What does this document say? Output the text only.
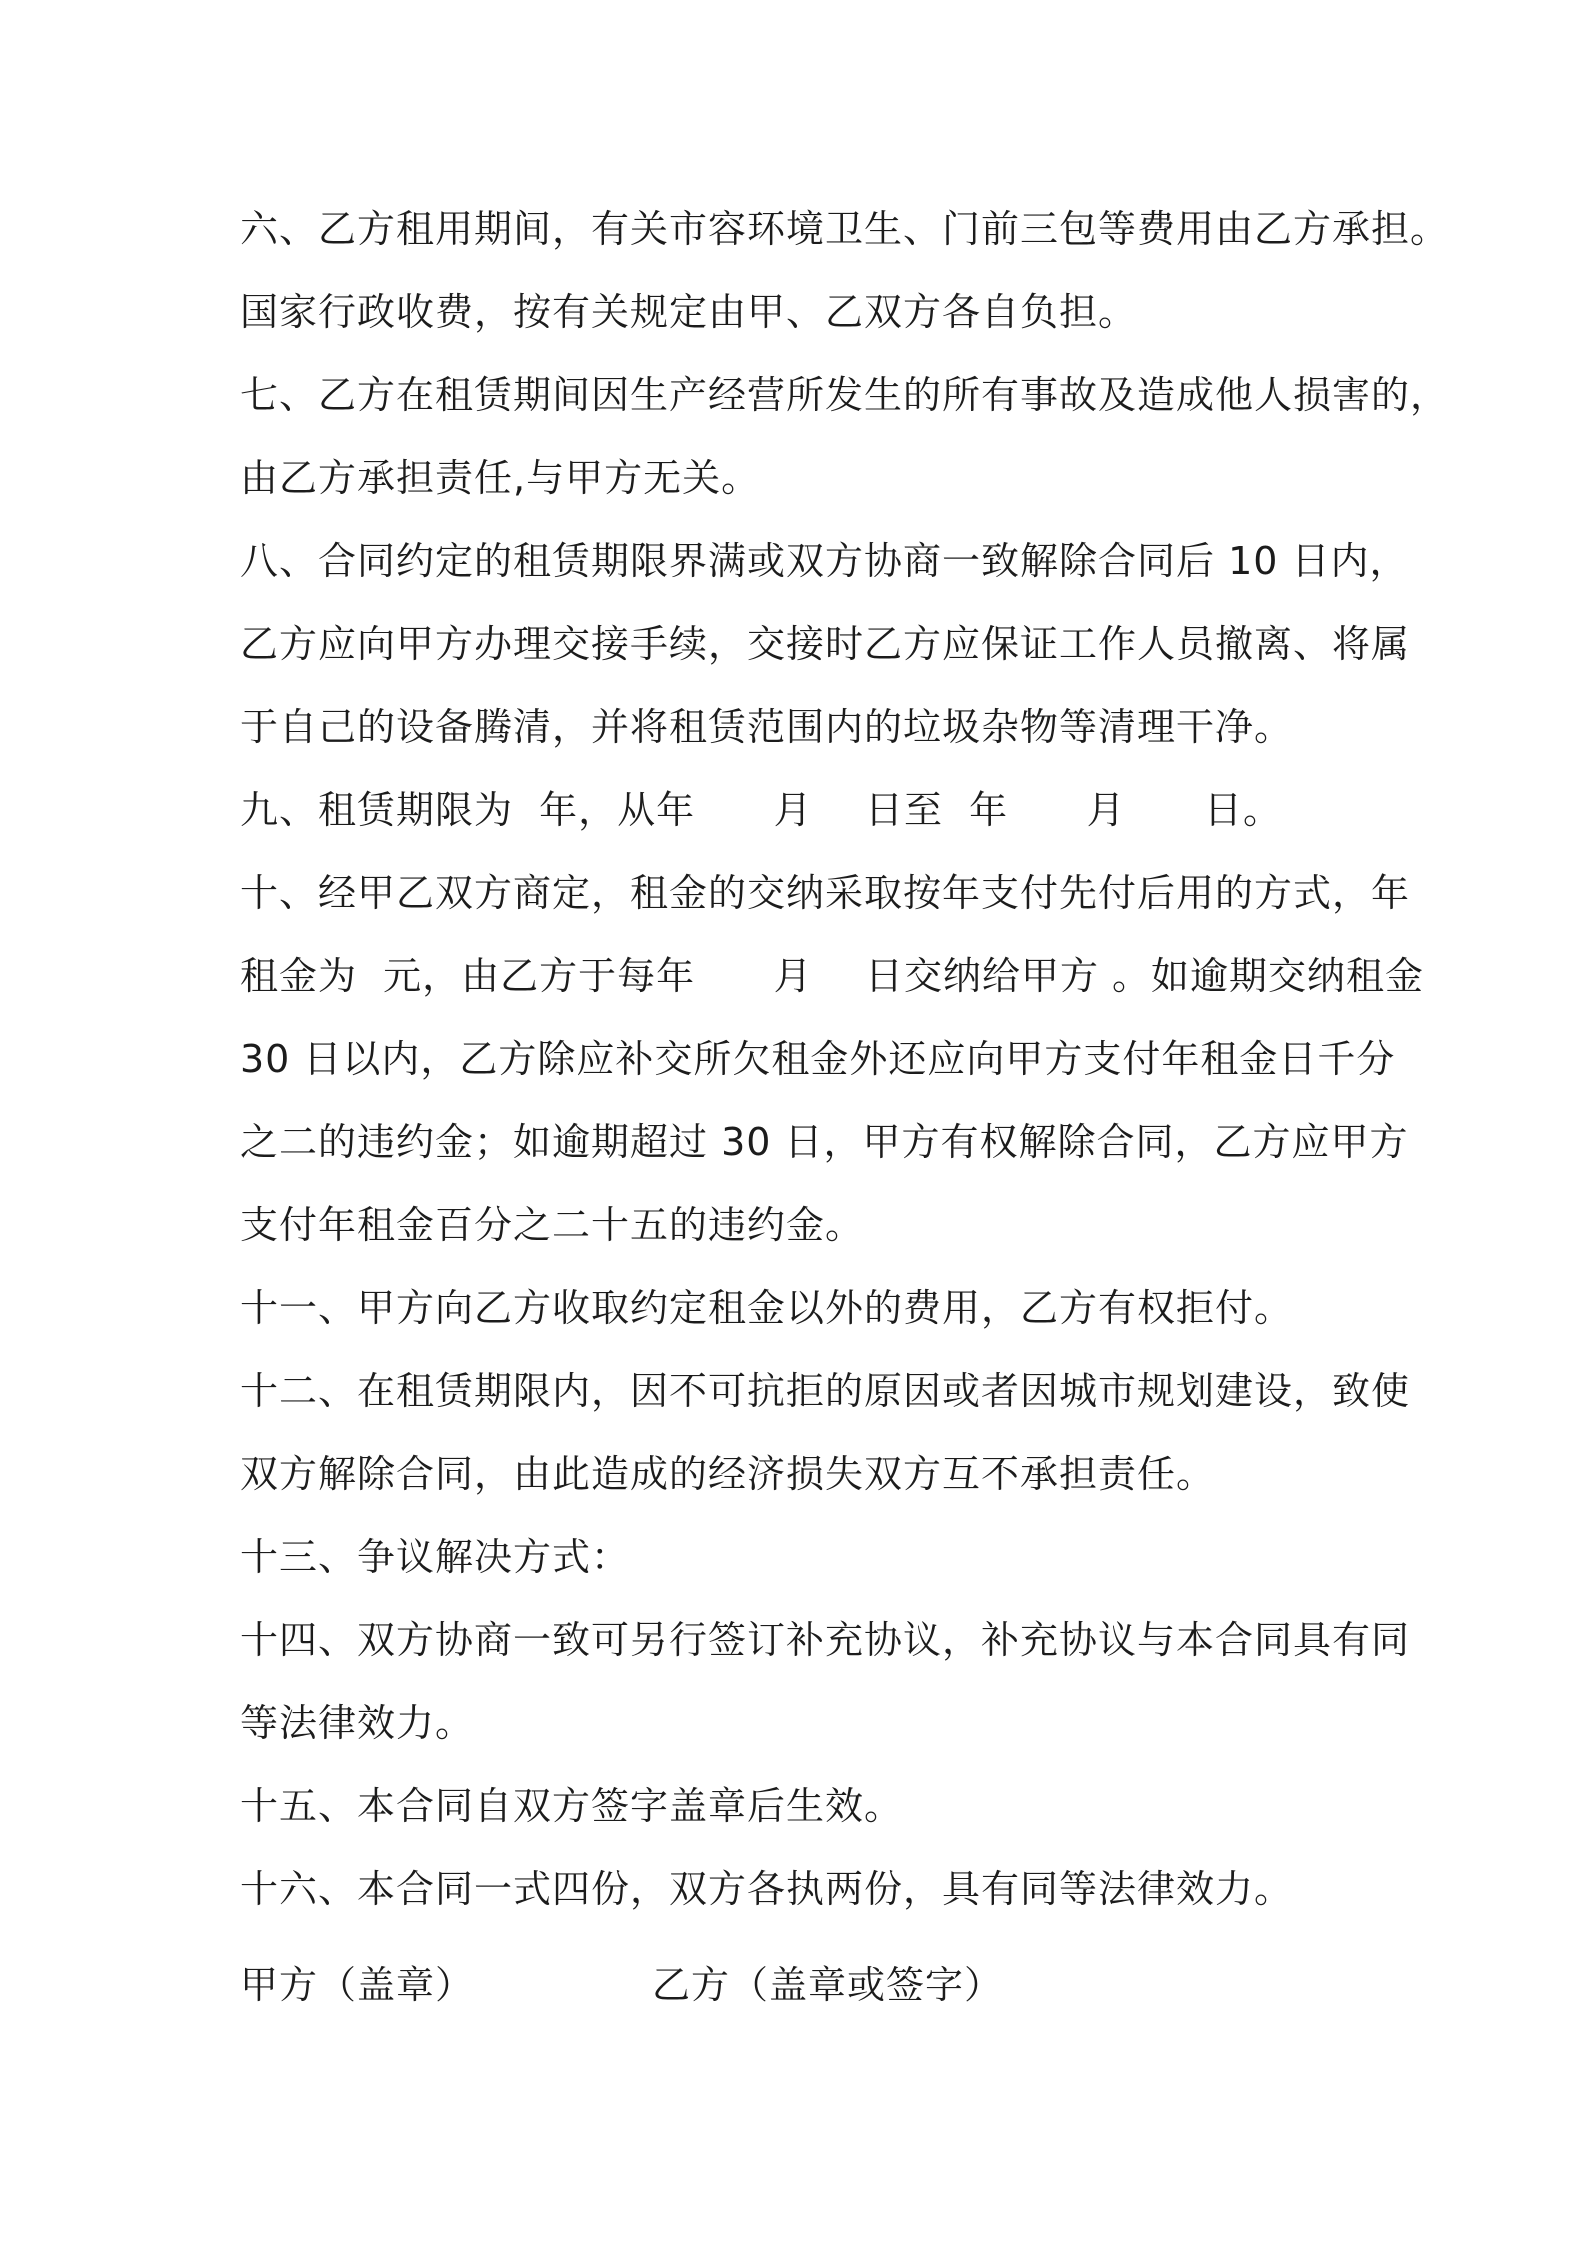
六、乙方租用期间，有关市容环境卫生、门前三包等费用由乙方承担。
国家行政收费，按有关规定由甲、乙双方各自负担。
七、乙方在租赁期间因生产经营所发生的所有事故及造成他人损害的，
由乙方承担责任,与甲方无关。
八、合同约定的租赁期限界满或双方协商一致解除合同后 10 日内，
乙方应向甲方办理交接手续，交接时乙方应保证工作人员撤离、将属
于自己的设备腾清，并将租赁范围内的垃圾杂物等清理干净。
九、租赁期限为  年，从年      月    日至  年      月      日。
十、经甲乙双方商定，租金的交纳采取按年支付先付后用的方式，年
租金为  元，由乙方于每年      月    日交纳给甲方 。如逾期交纳租金
30 日以内，乙方除应补交所欠租金外还应向甲方支付年租金日千分
之二的违约金；如逾期超过 30 日，甲方有权解除合同，乙方应甲方
支付年租金百分之二十五的违约金。
十一、甲方向乙方收取约定租金以外的费用，乙方有权拒付。
十二、在租赁期限内，因不可抗拒的原因或者因城市规划建设，致使
双方解除合同，由此造成的经济损失双方互不承担责任。
十三、争议解决方式：
十四、双方协商一致可另行签订补充协议，补充协议与本合同具有同
等法律效力。
十五、本合同自双方签字盖章后生效。
十六、本合同一式四份，双方各执两份，具有同等法律效力。
甲方（盖章）	乙方（盖章或签字）
